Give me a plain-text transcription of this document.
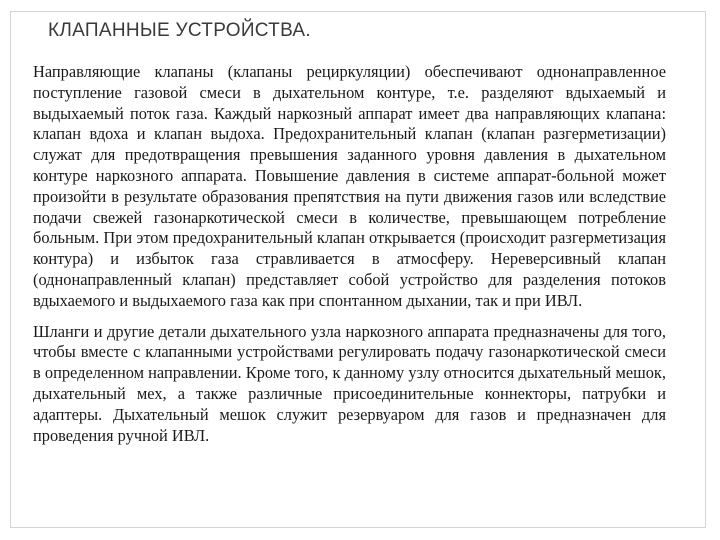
КЛАПАННЫЕ УСТРОЙСТВА.

Направляющие клапаны (клапаны рециркуляции) обеспечивают однонаправленное поступление газовой смеси в дыхательном контуре, т.е. разделяют вдыхаемый и выдыхаемый поток газа. Каждый наркозный аппарат имеет два направляющих клапана: клапан вдоха и клапан выдоха. Предохранительный клапан (клапан разгерметизации) служат для предотвращения превышения заданного уровня давления в дыхательном контуре наркозного аппарата. Повышение давления в системе аппарат-больной может произойти в результате образования препятствия на пути движения газов или вследствие подачи свежей газонаркотической смеси в количестве, превышающем потребление больным. При этом предохранительный клапан открывается (происходит разгерметизация контура) и избыток газа стравливается в атмосферу. Нереверсивный клапан (однонаправленный клапан) представляет собой устройство для разделения потоков вдыхаемого и выдыхаемого газа как при спонтанном дыхании, так и при ИВЛ.

Шланги и другие детали дыхательного узла наркозного аппарата предназначены для того, чтобы вместе с клапанными устройствами регулировать подачу газонаркотической смеси в определенном направлении. Кроме того, к данному узлу относится дыхательный мешок, дыхательный мех, а также различные присоединительные коннекторы, патрубки и адаптеры. Дыхательный мешок служит резервуаром для газов и предназначен для проведения ручной ИВЛ.
